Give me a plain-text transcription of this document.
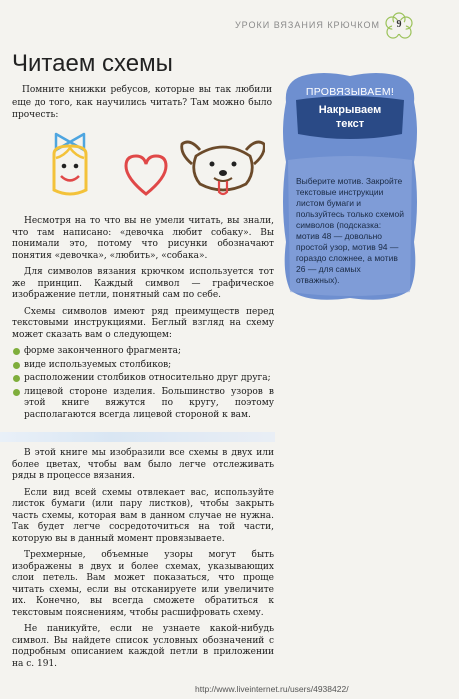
УРОКИ ВЯЗАНИЯ КРЮЧКОМ	9
Читаем схемы

Помните книжки ребусов, которые вы так любили еще до того, как научились читать? Там можно было прочесть:

Несмотря на то что вы не умели читать, вы знали, что там написано: «девочка любит собаку». Вы понимали это, потому что рисунки обозначают понятия «девочка», «любить», «собака».

Для символов вязания крючком используется тот же принцип. Каждый символ — графическое изображение петли, понятный сам по себе.

Схемы символов имеют ряд преимуществ перед текстовыми инструкциями. Беглый взгляд на схему может сказать вам о следующем:

форме законченного фрагмента;
виде используемых столбиков;
расположении столбиков относительно друг друга;
лицевой стороне изделия. Большинство узоров в этой книге вяжутся по кругу, поэтому располагаются всегда лицевой стороной к вам.

В этой книге мы изобразили все схемы в двух или более цветах, чтобы вам было легче отслеживать ряды в процессе вязания.

Если вид всей схемы отвлекает вас, используйте листок бумаги (или пару листков), чтобы закрыть часть схемы, которая вам в данном случае не нужна. Так будет легче сосредоточиться на той части, которую вы в данный момент провязываете.

Трехмерные, объемные узоры могут быть изображены в двух и более схемах, указывающих слои петель. Вам может показаться, что проще читать схемы, если вы отсканируете или увеличите их. Конечно, вы всегда сможете обратиться к текстовым пояснениям, чтобы расшифровать схему.

Не паникуйте, если не узнаете какой-нибудь символ. Вы найдете список условных обозначений с подробным описанием каждой петли в приложении на с. 191.

ПРОВЯЗЫВАЕМ!
Накрываем
текст

Выберите мотив. Закройте текстовые инструкции листом бумаги и пользуйтесь только схемой символов (подсказка: мотив 48 — довольно простой узор, мотив 94 — гораздо сложнее, а мотив 26 — для самых отважных).

http://www.liveinternet.ru/users/4938422/
